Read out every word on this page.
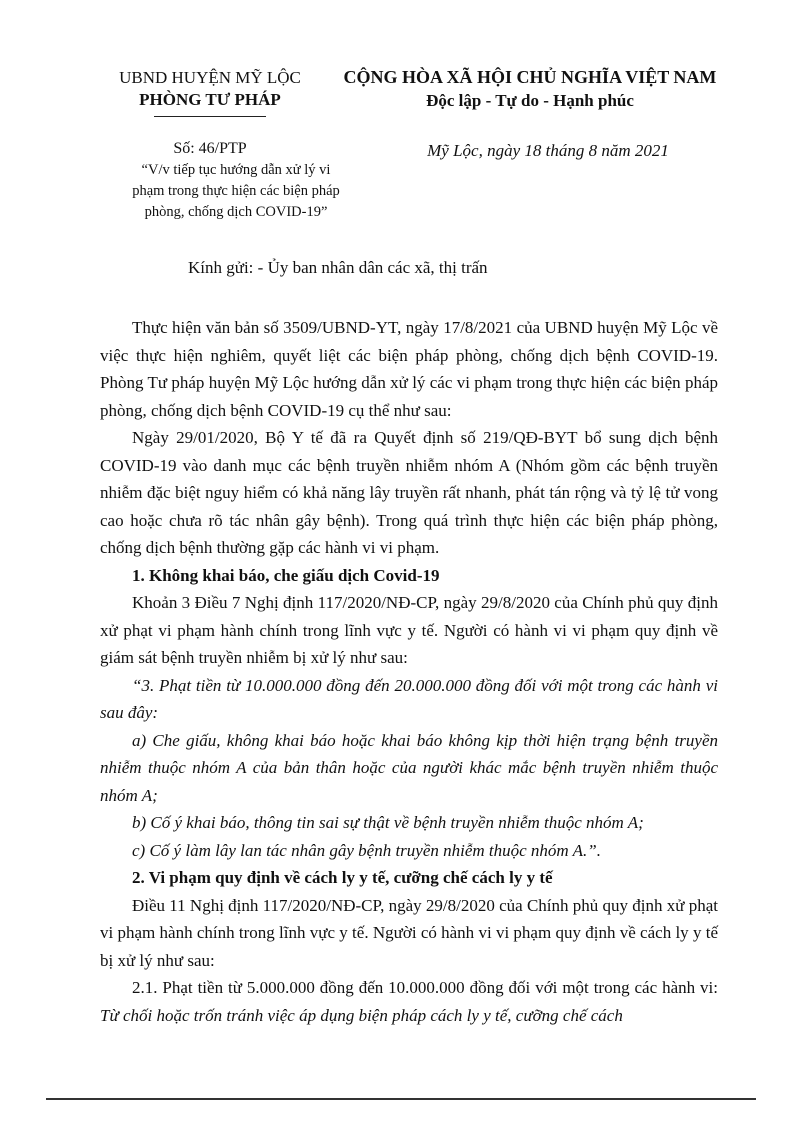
UBND HUYỆN MỸ LỘC
PHÒNG TƯ PHÁP
CỘNG HÒA XÃ HỘI CHỦ NGHĨA VIỆT NAM
Độc lập - Tự do - Hạnh phúc
Số: 46/PTP
“V/v tiếp tục hướng dẫn xử lý vi phạm trong thực hiện các biện pháp phòng, chống dịch COVID-19”
Mỹ Lộc, ngày 18 tháng 8 năm 2021
Kính gửi: - Ủy ban nhân dân các xã, thị trấn

Thực hiện văn bản số 3509/UBND-YT, ngày 17/8/2021 của UBND huyện Mỹ Lộc về việc thực hiện nghiêm, quyết liệt các biện pháp phòng, chống dịch bệnh COVID-19. Phòng Tư pháp huyện Mỹ Lộc hướng dẫn xử lý các vi phạm trong thực hiện các biện pháp phòng, chống dịch bệnh COVID-19 cụ thể như sau:

Ngày 29/01/2020, Bộ Y tế đã ra Quyết định số 219/QĐ-BYT bổ sung dịch bệnh COVID-19 vào danh mục các bệnh truyền nhiễm nhóm A (Nhóm gồm các bệnh truyền nhiễm đặc biệt nguy hiểm có khả năng lây truyền rất nhanh, phát tán rộng và tỷ lệ tử vong cao hoặc chưa rõ tác nhân gây bệnh). Trong quá trình thực hiện các biện pháp phòng, chống dịch bệnh thường gặp các hành vi vi phạm.

1. Không khai báo, che giấu dịch Covid-19

Khoản 3 Điều 7 Nghị định 117/2020/NĐ-CP, ngày 29/8/2020 của Chính phủ quy định xử phạt vi phạm hành chính trong lĩnh vực y tế. Người có hành vi vi phạm quy định về giám sát bệnh truyền nhiễm bị xử lý như sau:

“3. Phạt tiền từ 10.000.000 đồng đến 20.000.000 đồng đối với một trong các hành vi sau đây:

a) Che giấu, không khai báo hoặc khai báo không kịp thời hiện trạng bệnh truyền nhiễm thuộc nhóm A của bản thân hoặc của người khác mắc bệnh truyền nhiễm thuộc nhóm A;

b) Cố ý khai báo, thông tin sai sự thật về bệnh truyền nhiễm thuộc nhóm A;

c) Cố ý làm lây lan tác nhân gây bệnh truyền nhiễm thuộc nhóm A.”.

2. Vi phạm quy định về cách ly y tế, cưỡng chế cách ly y tế

Điều 11 Nghị định 117/2020/NĐ-CP, ngày 29/8/2020 của Chính phủ quy định xử phạt vi phạm hành chính trong lĩnh vực y tế. Người có hành vi vi phạm quy định về cách ly y tế bị xử lý như sau:

2.1. Phạt tiền từ 5.000.000 đồng đến 10.000.000 đồng đối với một trong các hành vi: Từ chối hoặc trốn tránh việc áp dụng biện pháp cách ly y tế, cưỡng chế cách
